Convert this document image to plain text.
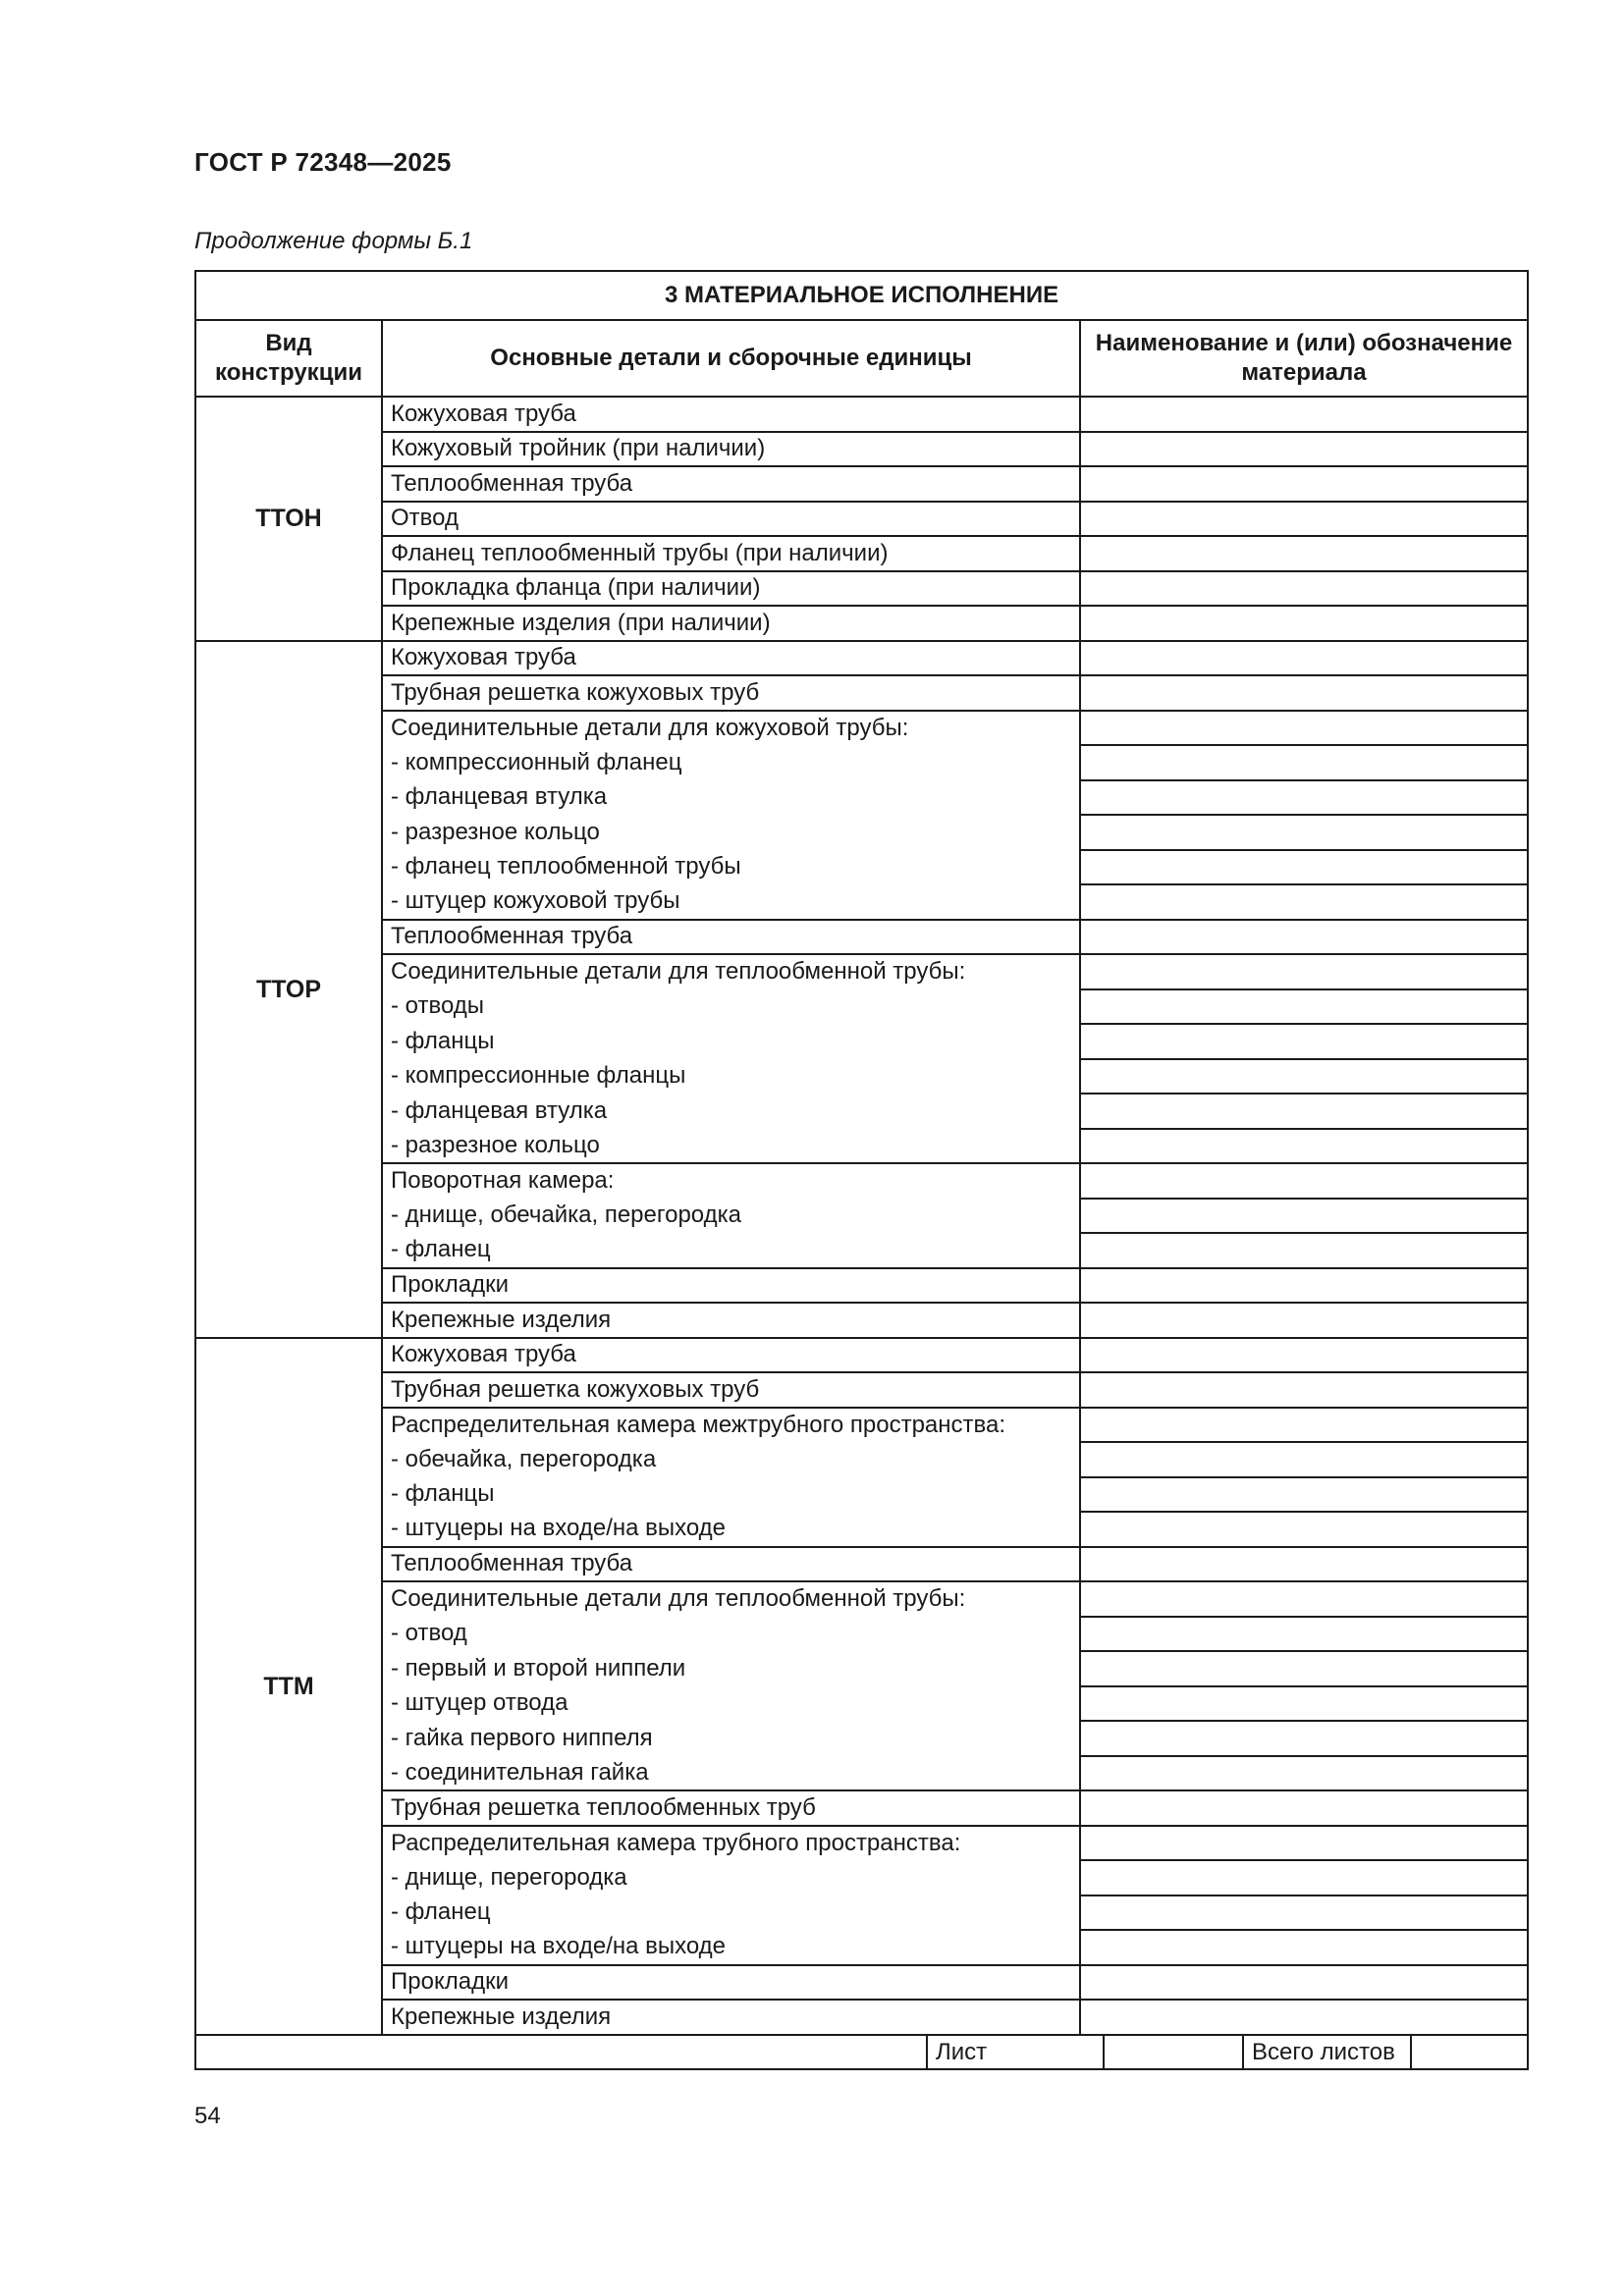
ГОСТ Р 72348—2025
Продолжение формы Б.1
3 МАТЕРИАЛЬНОЕ ИСПОЛНЕНИЕ		
Вид конструкции	Основные детали и сборочные единицы	Наименование и (или) обозначение материала
ТТОН	Кожуховая труба	
	Кожуховый тройник (при наличии)	
	Теплообменная труба	
	Отвод	
	Фланец теплообменный трубы (при наличии)	
	Прокладка фланца (при наличии)	
	Крепежные изделия (при наличии)	
ТТОР	Кожуховая труба	
	Трубная решетка кожуховых труб	
	Соединительные детали для кожуховой трубы:	
	- компрессионный фланец	
	- фланцевая втулка	
	- разрезное кольцо	
	- фланец теплообменной трубы	
	- штуцер кожуховой трубы	
	Теплообменная труба	
	Соединительные детали для теплообменной трубы:	
	- отводы	
	- фланцы	
	- компрессионные фланцы	
	- фланцевая втулка	
	- разрезное кольцо	
	Поворотная камера:	
	- днище, обечайка, перегородка	
	- фланец	
	Прокладки	
	Крепежные изделия	
ТТМ	Кожуховая труба	
	Трубная решетка кожуховых труб	
	Распределительная камера межтрубного пространства:	
	- обечайка, перегородка	
	- фланцы	
	- штуцеры на входе/на выходе	
	Теплообменная труба	
	Соединительные детали для теплообменной трубы:	
	- отвод	
	- первый и второй ниппели	
	- штуцер отвода	
	- гайка первого ниппеля	
	- соединительная гайка	
	Трубная решетка теплообменных труб	
	Распределительная камера трубного пространства:	
	- днище, перегородка	
	- фланец	
	- штуцеры на входе/на выходе	
	Прокладки	
	Крепежные изделия	
	Лист		Всего листов	
54
